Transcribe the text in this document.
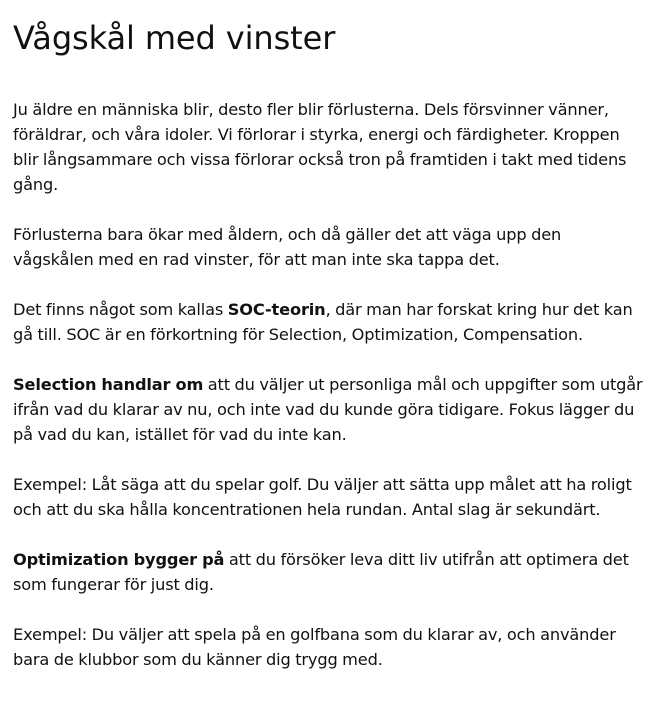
Vågskål med vinster

Ju äldre en människa blir, desto fler blir förlusterna. Dels försvinner vänner, föräldrar, och våra idoler. Vi förlorar i styrka, energi och färdigheter. Kroppen blir långsammare och vissa förlorar också tron på framtiden i takt med tidens gång.

Förlusterna bara ökar med åldern, och då gäller det att väga upp den vågskålen med en rad vinster, för att man inte ska tappa det.

Det finns något som kallas SOC-teorin, där man har forskat kring hur det kan gå till. SOC är en förkortning för Selection, Optimization, Compensation.

Selection handlar om att du väljer ut personliga mål och uppgifter som utgår ifrån vad du klarar av nu, och inte vad du kunde göra tidigare. Fokus lägger du på vad du kan, istället för vad du inte kan.

Exempel: Låt säga att du spelar golf. Du väljer att sätta upp målet att ha roligt och att du ska hålla koncentrationen hela rundan. Antal slag är sekundärt.

Optimization bygger på att du försöker leva ditt liv utifrån att optimera det som fungerar för just dig.

Exempel: Du väljer att spela på en golfbana som du klarar av, och använder bara de klubbor som du känner dig trygg med.
